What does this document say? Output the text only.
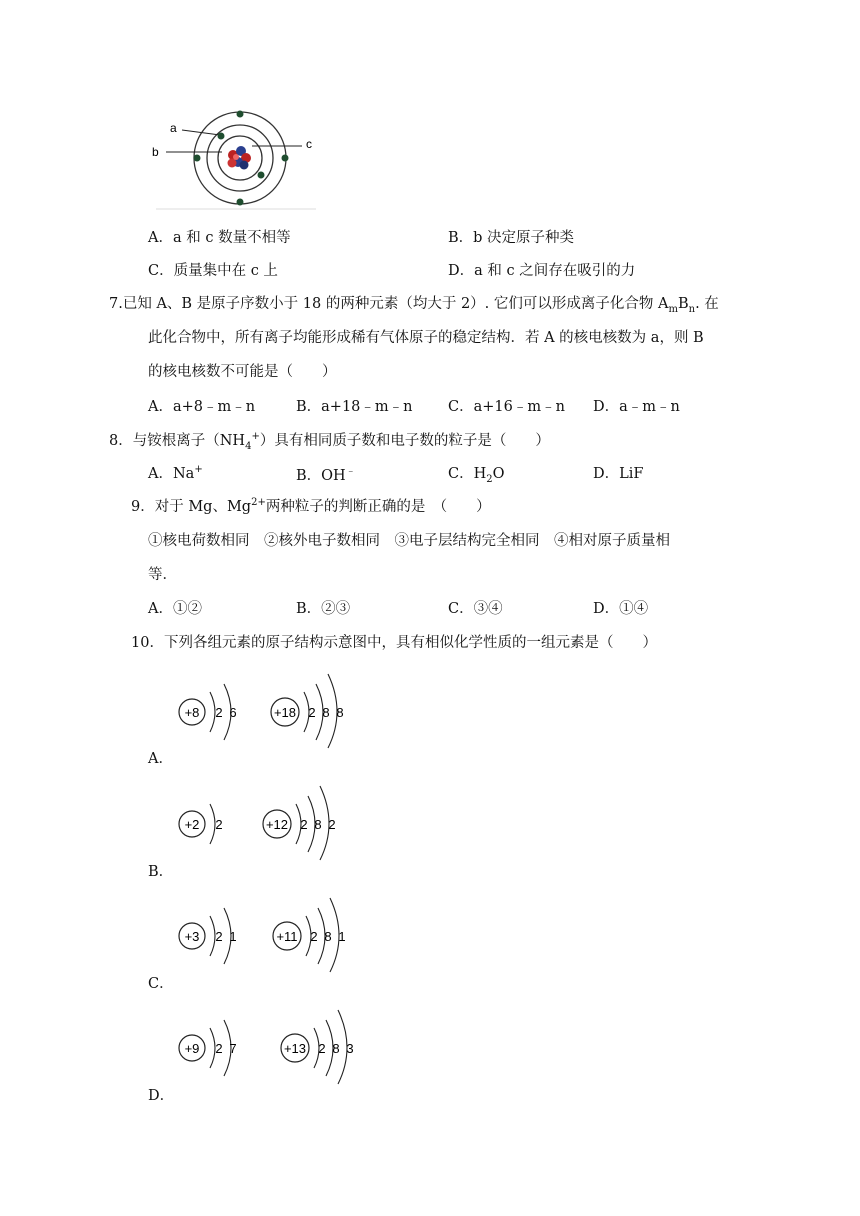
a
b
c
A．a 和 c 数量不相等	B．b 决定原子种类
C．质量集中在 c 上	D．a 和 c 之间存在吸引的力
7.已知 A、B 是原子序数小于 18 的两种元素（均大于 2）. 它们可以形成离子化合物 $A_mB_n$. 在
此化合物中，所有离子均能形成稀有气体原子的稳定结构．若 A 的核电核数为 a，则 B
的核电核数不可能是（　　）
A．a+8﹣m﹣n	B．a+18﹣m﹣n C．a+16﹣m﹣n D．a﹣m﹣n
8．与铵根离子$(NH_4^+)$具有相同质子数和电子数的粒子是（　　）
A．Na+	B．OH﹣	C．$H_2O$	D．LiF
9．对于 Mg、$Mg^{2+}$两种粒子的判断正确的是　（　　）
①核电荷数相同　②核外电子数相同　③电子层结构完全相同　④相对原子质量相
等．
A．①②	B．②③	C．③④	D．①④
10．下列各组元素的原子结构示意图中，具有相似化学性质的一组元素是（　　）
+8 2 6	+18 2 8 8
A．
+2 2	+12 2 8 2
B．
+3 2 1	+11 2 8 1
C．
+9 2 7	+13 2 8 3
D．
